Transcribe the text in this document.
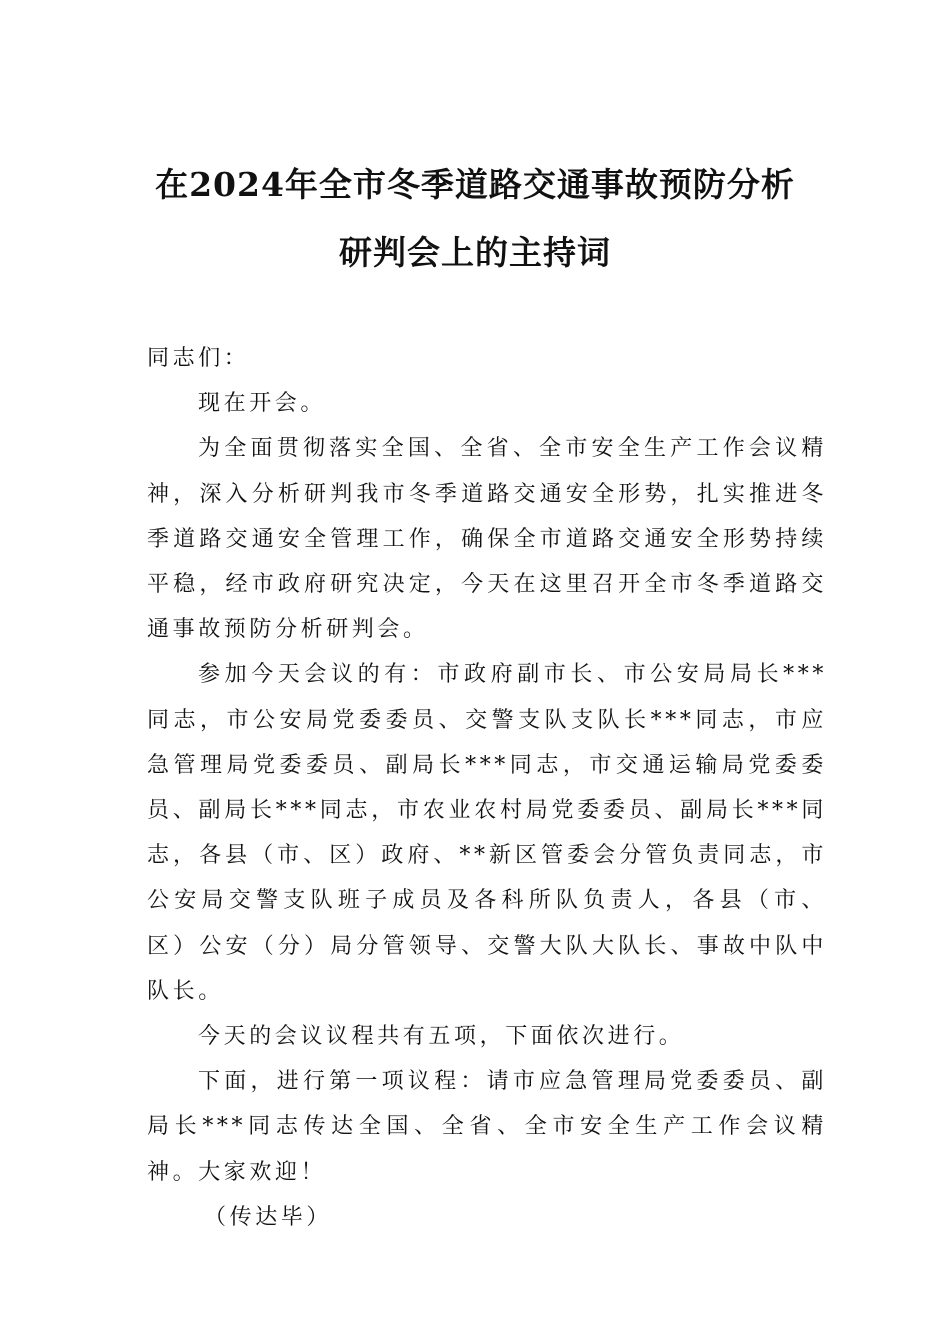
在2024年全市冬季道路交通事故预防分析
研判会上的主持词

同志们：

现在开会。

为全面贯彻落实全国、全省、全市安全生产工作会议精神，深入分析研判我市冬季道路交通安全形势，扎实推进冬季道路交通安全管理工作，确保全市道路交通安全形势持续平稳，经市政府研究决定，今天在这里召开全市冬季道路交通事故预防分析研判会。

参加今天会议的有：市政府副市长、市公安局局长***同志，市公安局党委委员、交警支队支队长***同志，市应急管理局党委委员、副局长***同志，市交通运输局党委委员、副局长***同志，市农业农村局党委委员、副局长***同志，各县（市、区）政府、**新区管委会分管负责同志，市公安局交警支队班子成员及各科所队负责人，各县（市、区）公安（分）局分管领导、交警大队大队长、事故中队中队长。

今天的会议议程共有五项，下面依次进行。

下面，进行第一项议程：请市应急管理局党委委员、副局长***同志传达全国、全省、全市安全生产工作会议精神。大家欢迎！

（传达毕）
